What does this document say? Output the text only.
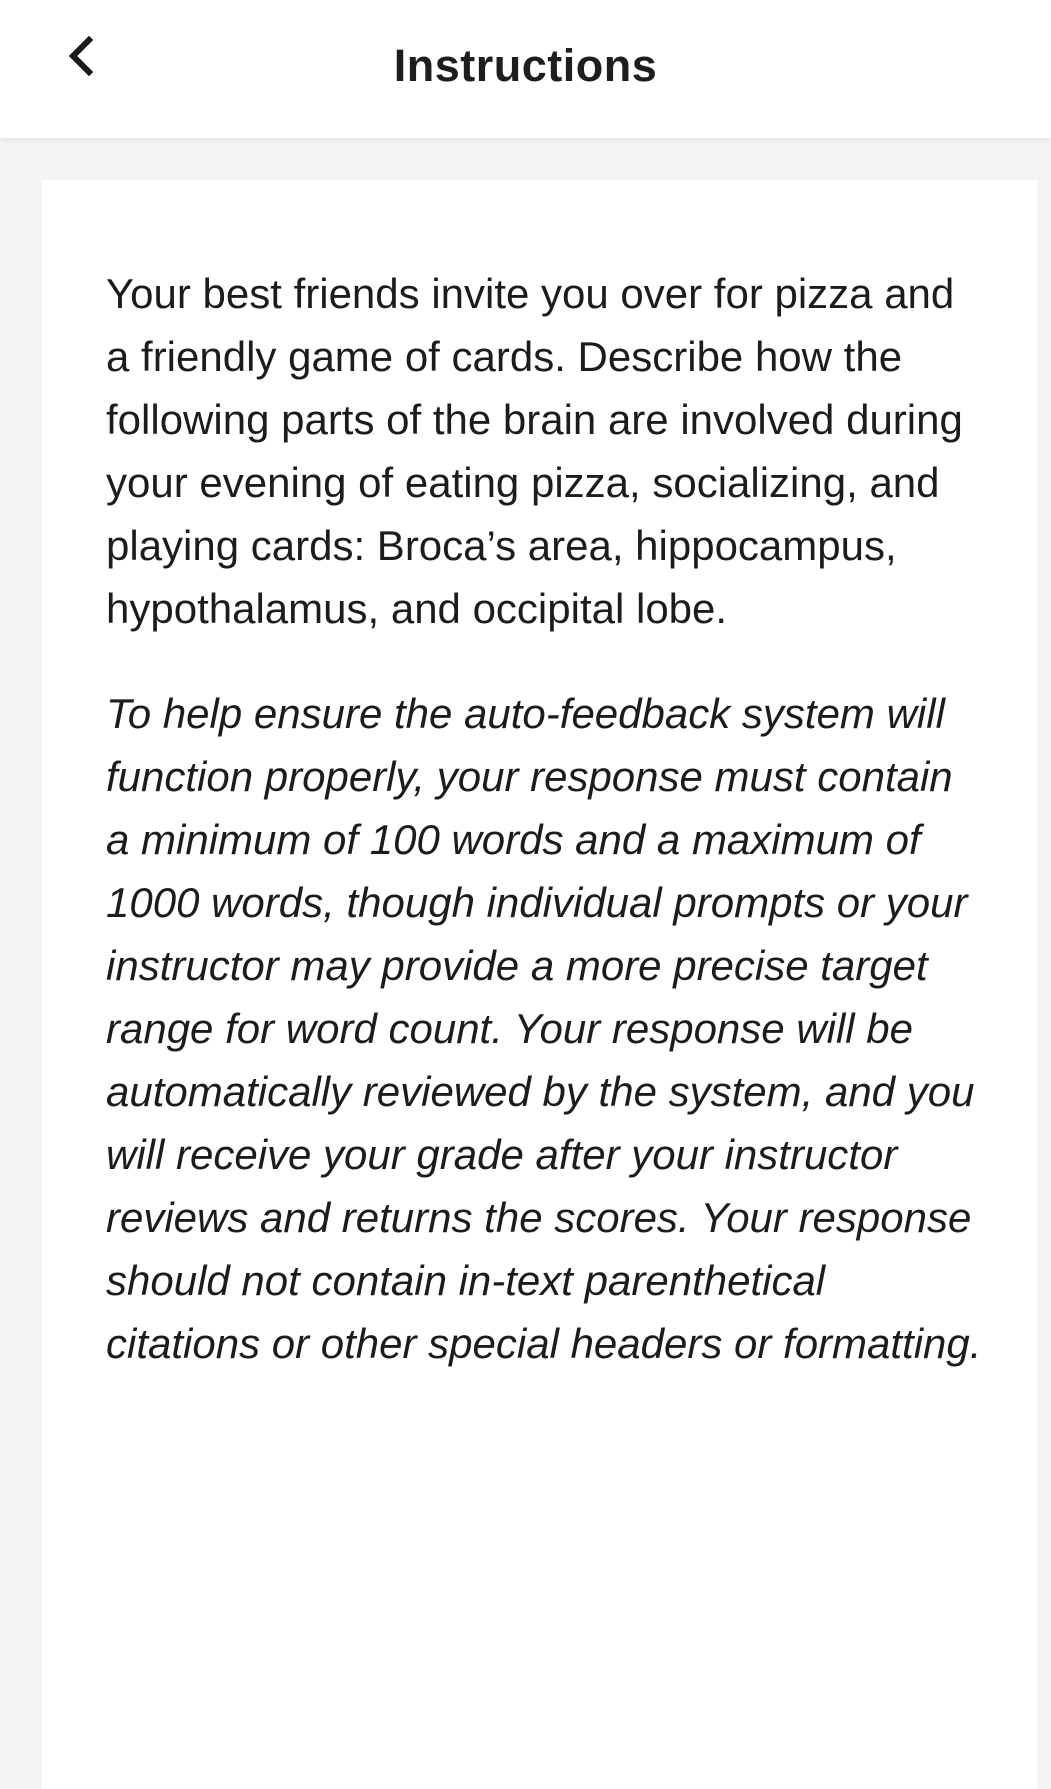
Instructions

Your best friends invite you over for pizza and a friendly game of cards. Describe how the following parts of the brain are involved during your evening of eating pizza, socializing, and playing cards: Broca’s area, hippocampus, hypothalamus, and occipital lobe.

To help ensure the auto-feedback system will function properly, your response must contain a minimum of 100 words and a maximum of 1000 words, though individual prompts or your instructor may provide a more precise target range for word count. Your response will be automatically reviewed by the system, and you will receive your grade after your instructor reviews and returns the scores. Your response should not contain in-text parenthetical citations or other special headers or formatting.
